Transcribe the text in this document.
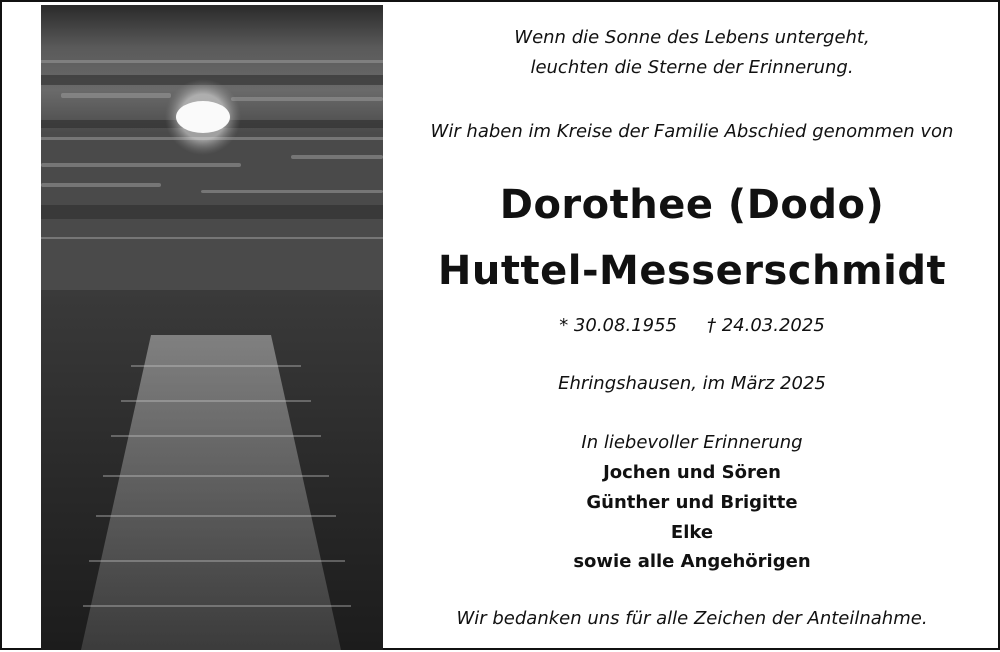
Wenn die Sonne des Lebens untergeht,
leuchten die Sterne der Erinnerung.
Wir haben im Kreise der Familie Abschied genommen von
Dorothee (Dodo)
Huttel-Messerschmidt
* 30.08.1955 † 24.03.2025
Ehringshausen, im März 2025
In liebevoller Erinnerung
Jochen und Sören
Günther und Brigitte
Elke
sowie alle Angehörigen
Wir bedanken uns für alle Zeichen der Anteilnahme.
